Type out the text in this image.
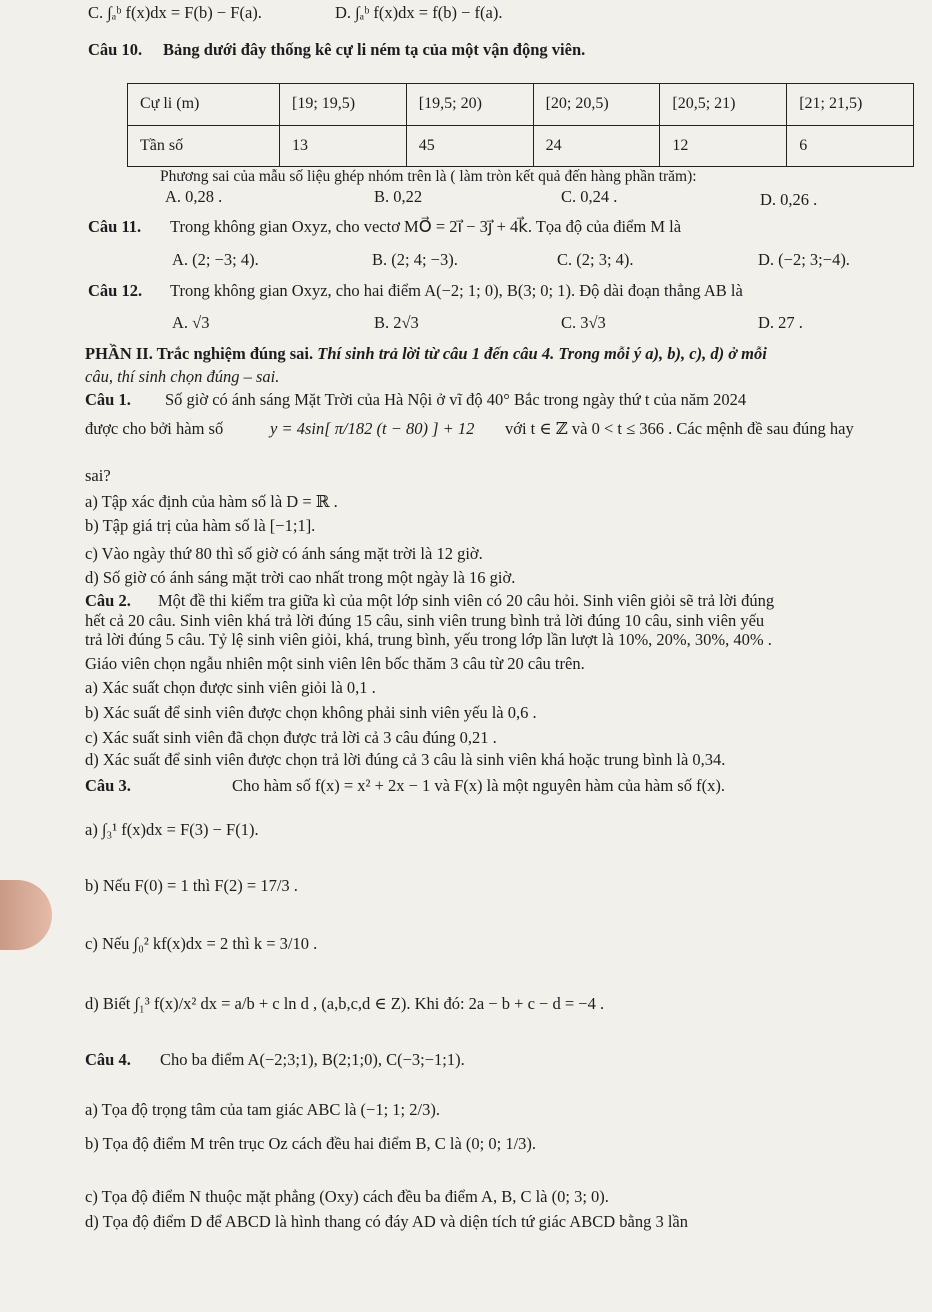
C. ∫ₐᵇ f(x)dx = F(b) − F(a).	D. ∫ₐᵇ f(x)dx = f(b) − f(a).
Câu 10. Bảng dưới đây thống kê cự li ném tạ của một vận động viên.
Cự li (m)	[19; 19,5)	[19,5; 20)	[20; 20,5)	[20,5; 21)	[21; 21,5)
Tần số	13	45	24	12	6
Phương sai của mẫu số liệu ghép nhóm trên là ( làm tròn kết quả đến hàng phần trăm):
A. 0,28 .	B. 0,22	C. 0,24 .	D. 0,26 .
Câu 11. Trong không gian Oxyz, cho vectơ MO⃗ = 2i⃗ − 3j⃗ + 4k⃗. Tọa độ của điểm M là
A. (2; −3; 4).	B. (2; 4; −3).	C. (2; 3; 4).	D. (−2; 3;−4).
Câu 12. Trong không gian Oxyz, cho hai điểm A(−2; 1; 0), B(3; 0; 1). Độ dài đoạn thẳng AB là
A. √3	B. 2√3	C. 3√3	D. 27 .
PHẦN II. Trắc nghiệm đúng sai. Thí sinh trả lời từ câu 1 đến câu 4. Trong mỗi ý a), b), c), d) ở mỗi
câu, thí sinh chọn đúng – sai.
Câu 1. Số giờ có ánh sáng Mặt Trời của Hà Nội ở vĩ độ 40° Bắc trong ngày thứ t của năm 2024
được cho bởi hàm số	y = 4sin[ π/182 (t − 80) ] + 12 với t ∈ ℤ và 0 < t ≤ 366 . Các mệnh đề sau đúng hay
sai?
a) Tập xác định của hàm số là D = ℝ .
b) Tập giá trị của hàm số là [−1;1].
c) Vào ngày thứ 80 thì số giờ có ánh sáng mặt trời là 12 giờ.
d) Số giờ có ánh sáng mặt trời cao nhất trong một ngày là 16 giờ.
Câu 2. Một đề thi kiểm tra giữa kì của một lớp sinh viên có 20 câu hỏi. Sinh viên giỏi sẽ trả lời đúng
hết cả 20 câu. Sinh viên khá trả lời đúng 15 câu, sinh viên trung bình trả lời đúng 10 câu, sinh viên yếu
trả lời đúng 5 câu. Tỷ lệ sinh viên giỏi, khá, trung bình, yếu trong lớp lần lượt là 10%, 20%, 30%, 40% .
Giáo viên chọn ngẫu nhiên một sinh viên lên bốc thăm 3 câu từ 20 câu trên.
a) Xác suất chọn được sinh viên giỏi là 0,1 .
b) Xác suất để sinh viên được chọn không phải sinh viên yếu là 0,6 .
c) Xác suất sinh viên đã chọn được trả lời cả 3 câu đúng 0,21 .
d) Xác suất để sinh viên được chọn trả lời đúng cả 3 câu là sinh viên khá hoặc trung bình là 0,34.
Câu 3.	Cho hàm số f(x) = x² + 2x − 1 và F(x) là một nguyên hàm của hàm số f(x).
a) ∫₃¹ f(x)dx = F(3) − F(1).
b) Nếu F(0) = 1 thì F(2) = 17/3 .
c) Nếu ∫₀² kf(x)dx = 2 thì k = 3/10 .
d) Biết ∫₁³ f(x)/x² dx = a/b + c ln d , (a,b,c,d ∈ Z). Khi đó: 2a − b + c − d = −4 .
Câu 4. Cho ba điểm A(−2;3;1), B(2;1;0), C(−3;−1;1).
a) Tọa độ trọng tâm của tam giác ABC là (−1; 1; 2/3).
b) Tọa độ điểm M trên trục Oz cách đều hai điểm B, C là (0; 0; 1/3).
c) Tọa độ điểm N thuộc mặt phẳng (Oxy) cách đều ba điểm A, B, C là (0; 3; 0).
d) Tọa độ điểm D để ABCD là hình thang có đáy AD và diện tích tứ giác ABCD bằng 3 lần
